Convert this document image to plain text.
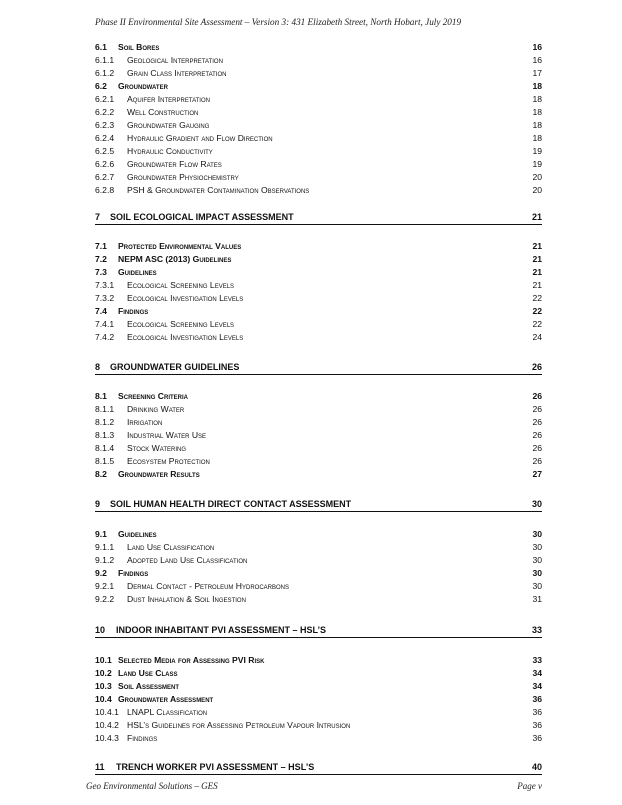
Phase II Environmental Site Assessment – Version 3: 431 Elizabeth Street, North Hobart, July 2019
6.1 Soil Bores	16
6.1.1 Geological Interpretation	16
6.1.2 Grain Class Interpretation	17
6.2 Groundwater	18
6.2.1 Aquifer Interpretation	18
6.2.2 Well Construction	18
6.2.3 Groundwater Gauging	18
6.2.4 Hydraulic Gradient and Flow Direction	18
6.2.5 Hydraulic Conductivity	19
6.2.6 Groundwater Flow Rates	19
6.2.7 Groundwater Physiochemistry	20
6.2.8 PSH & Groundwater Contamination Observations	20
7 SOIL ECOLOGICAL IMPACT ASSESSMENT	21
7.1 Protected Environmental Values	21
7.2 NEPM ASC (2013) Guidelines	21
7.3 Guidelines	21
7.3.1 Ecological Screening Levels	21
7.3.2 Ecological Investigation Levels	22
7.4 Findings	22
7.4.1 Ecological Screening Levels	22
7.4.2 Ecological Investigation Levels	24
8 GROUNDWATER GUIDELINES	26
8.1 Screening Criteria	26
8.1.1 Drinking Water	26
8.1.2 Irrigation	26
8.1.3 Industrial Water Use	26
8.1.4 Stock Watering	26
8.1.5 Ecosystem Protection	26
8.2 Groundwater Results	27
9 SOIL HUMAN HEALTH DIRECT CONTACT ASSESSMENT	30
9.1 Guidelines	30
9.1.1 Land Use Classification	30
9.1.2 Adopted Land Use Classification	30
9.2 Findings	30
9.2.1 Dermal Contact - Petroleum Hydrocarbons	30
9.2.2 Dust Inhalation & Soil Ingestion	31
10 INDOOR INHABITANT PVI ASSESSMENT – HSL’S	33
10.1 Selected Media for Assessing PVI Risk	33
10.2 Land Use Class	34
10.3 Soil Assessment	34
10.4 Groundwater Assessment	36
10.4.1 LNAPL Classification	36
10.4.2 HSL’s Guidelines for Assessing Petroleum Vapour Intrusion	36
10.4.3 Findings	36
11 TRENCH WORKER PVI ASSESSMENT – HSL’S	40
Geo Environmental Solutions – GES	Page v
